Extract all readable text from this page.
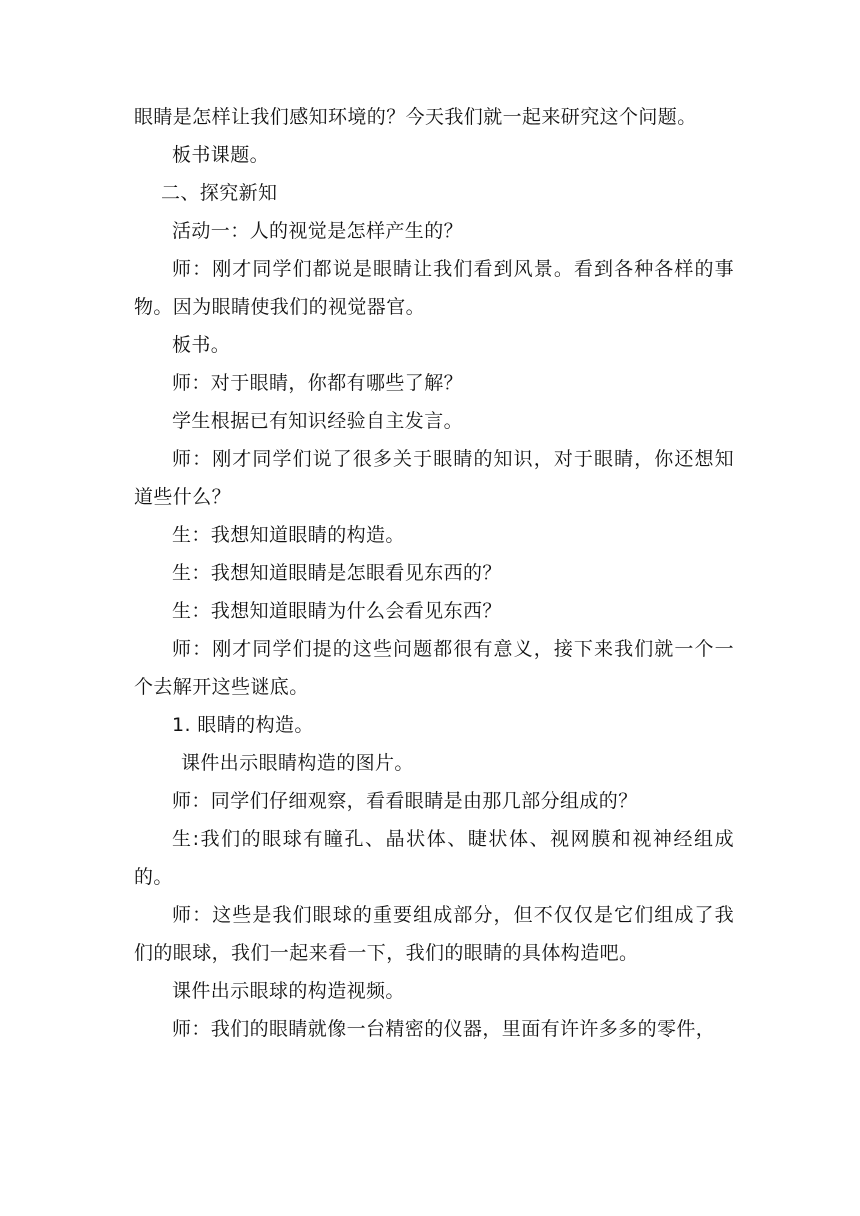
眼睛是怎样让我们感知环境的？今天我们就一起来研究这个问题。

板书课题。

二、探究新知

活动一：人的视觉是怎样产生的？

师：刚才同学们都说是眼睛让我们看到风景。看到各种各样的事物。因为眼睛使我们的视觉器官。

板书。

师：对于眼睛，你都有哪些了解？

学生根据已有知识经验自主发言。

师：刚才同学们说了很多关于眼睛的知识，对于眼睛，你还想知道些什么？

生：我想知道眼睛的构造。

生：我想知道眼睛是怎眼看见东西的？

生：我想知道眼睛为什么会看见东西？

师：刚才同学们提的这些问题都很有意义，接下来我们就一个一个去解开这些谜底。

1. 眼睛的构造。

课件出示眼睛构造的图片。

师：同学们仔细观察，看看眼睛是由那几部分组成的？

生:我们的眼球有瞳孔、晶状体、睫状体、视网膜和视神经组成的。

师：这些是我们眼球的重要组成部分，但不仅仅是它们组成了我们的眼球，我们一起来看一下，我们的眼睛的具体构造吧。

课件出示眼球的构造视频。

师：我们的眼睛就像一台精密的仪器，里面有许许多多的零件，
